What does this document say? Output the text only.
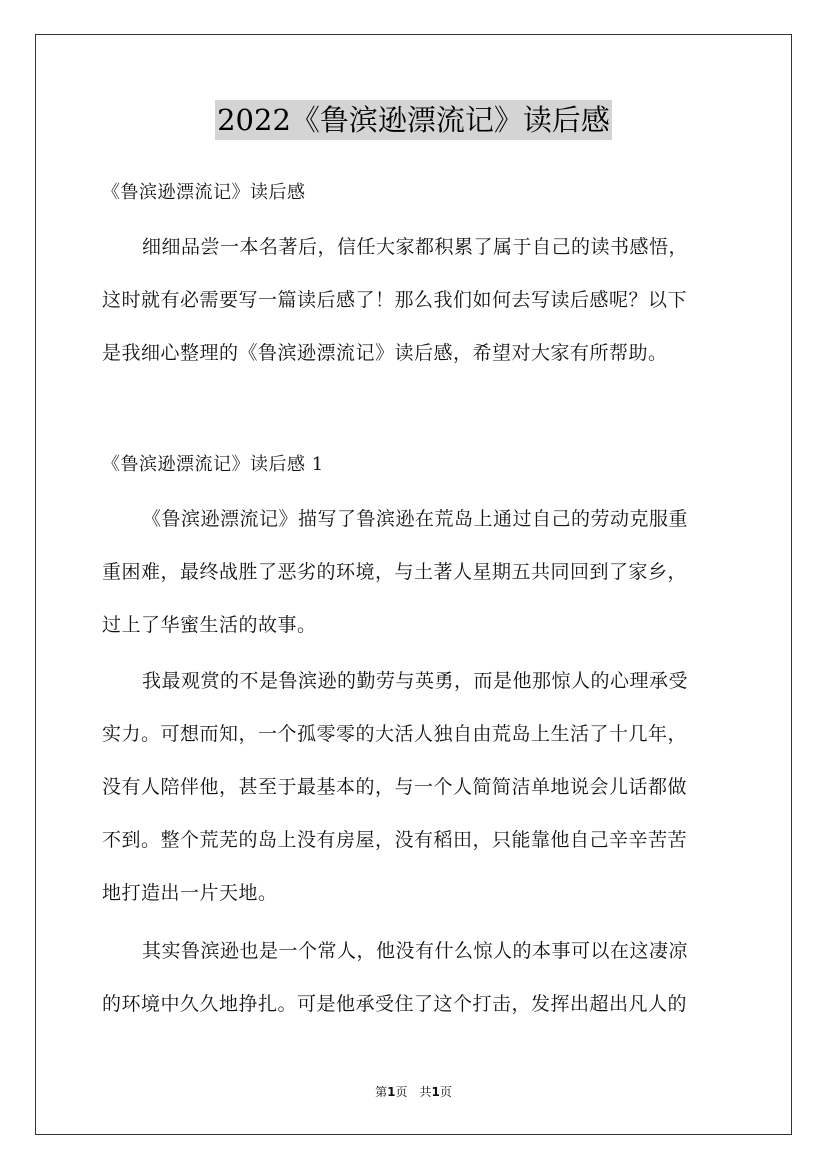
2022《鲁滨逊漂流记》读后感
《鲁滨逊漂流记》读后感
细细品尝一本名著后，信任大家都积累了属于自己的读书感悟，
这时就有必需要写一篇读后感了！那么我们如何去写读后感呢？以下
是我细心整理的《鲁滨逊漂流记》读后感，希望对大家有所帮助。
《鲁滨逊漂流记》读后感 1
《鲁滨逊漂流记》描写了鲁滨逊在荒岛上通过自己的劳动克服重
重困难，最终战胜了恶劣的环境，与土著人星期五共同回到了家乡，
过上了华蜜生活的故事。
我最观赏的不是鲁滨逊的勤劳与英勇，而是他那惊人的心理承受
实力。可想而知，一个孤零零的大活人独自由荒岛上生活了十几年，
没有人陪伴他，甚至于最基本的，与一个人简简洁单地说会儿话都做
不到。整个荒芜的岛上没有房屋，没有稻田，只能靠他自己辛辛苦苦
地打造出一片天地。
其实鲁滨逊也是一个常人，他没有什么惊人的本事可以在这凄凉
的环境中久久地挣扎。可是他承受住了这个打击，发挥出超出凡人的
第1页　共1页
